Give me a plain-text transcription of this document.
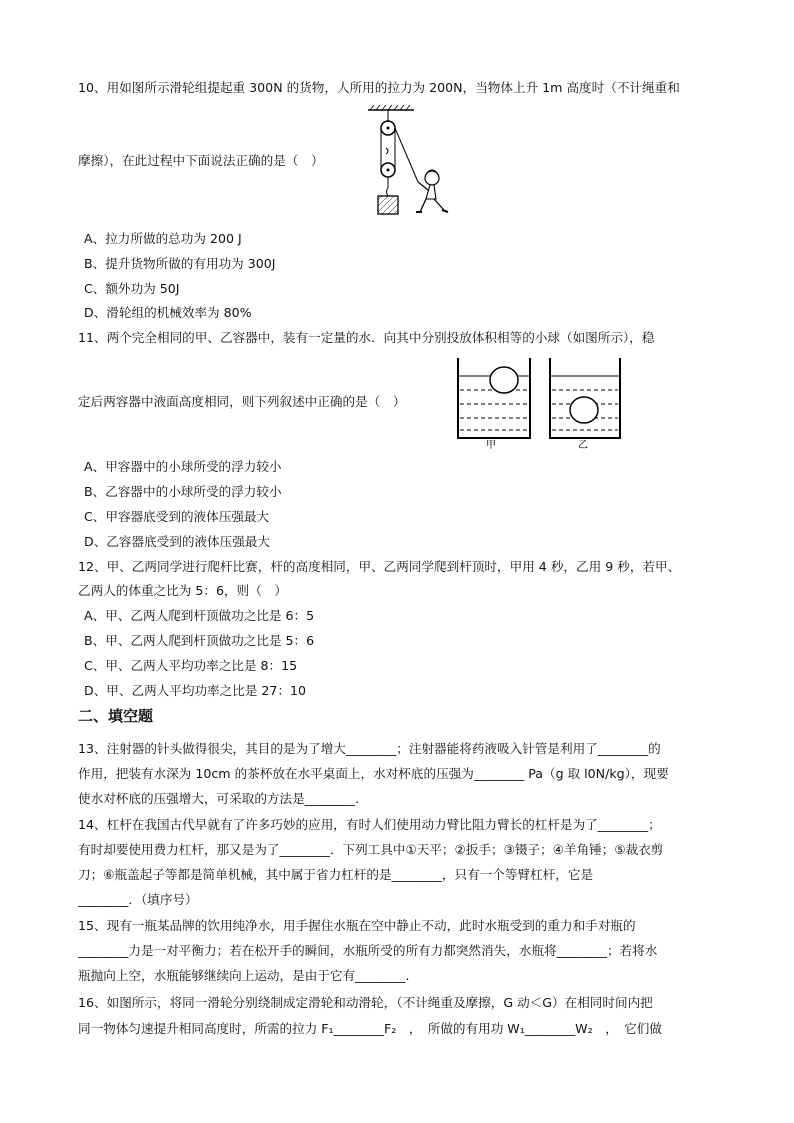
10、用如图所示滑轮组提起重 300N 的货物，人所用的拉力为 200N，当物体上升 1m 高度时（不计绳重和
摩擦），在此过程中下面说法正确的是（　）
A、拉力所做的总功为 200 J
B、提升货物所做的有用功为 300J
C、额外功为 50J
D、滑轮组的机械效率为 80%
11、两个完全相同的甲、乙容器中，装有一定量的水．向其中分别投放体积相等的小球（如图所示），稳
甲	乙
定后两容器中液面高度相同，则下列叙述中正确的是（　）
A、甲容器中的小球所受的浮力较小
B、乙容器中的小球所受的浮力较小
C、甲容器底受到的液体压强最大
D、乙容器底受到的液体压强最大
12、甲、乙两同学进行爬杆比赛，杆的高度相同，甲、乙两同学爬到杆顶时，甲用 4 秒，乙用 9 秒，若甲、
乙两人的体重之比为 5：6，则（　）
A、甲、乙两人爬到杆顶做功之比是 6：5
B、甲、乙两人爬到杆顶做功之比是 5：6
C、甲、乙两人平均功率之比是 8：15
D、甲、乙两人平均功率之比是 27：10
二、填空题
13、注射器的针头做得很尖，其目的是为了增大________；注射器能将药液吸入针管是利用了________的
作用，把装有水深为 10cm 的茶杯放在水平桌面上，水对杯底的压强为________ Pa（g 取 l0N/kg），现要
使水对杯底的压强增大，可采取的方法是________.
14、杠杆在我国古代早就有了许多巧妙的应用，有时人们使用动力臂比阻力臂长的杠杆是为了________；
有时却要使用费力杠杆，那又是为了________．下列工具中①天平；②扳手；③镊子；④羊角锤；⑤裁衣剪
刀；⑥瓶盖起子等都是简单机械，其中属于省力杠杆的是________，只有一个等臂杠杆，它是
________．（填序号）
15、现有一瓶某品牌的饮用纯净水，用手握住水瓶在空中静止不动，此时水瓶受到的重力和手对瓶的
________力是一对平衡力；若在松开手的瞬间，水瓶所受的所有力都突然消失，水瓶将________；若将水
瓶抛向上空，水瓶能够继续向上运动，是由于它有________.
16、如图所示，将同一滑轮分别绕制成定滑轮和动滑轮，（不计绳重及摩擦，G 动＜G）在相同时间内把
同一物体匀速提升相同高度时，所需的拉力 F₁________F₂　，　所做的有用功 W₁________W₂　，　它们做
